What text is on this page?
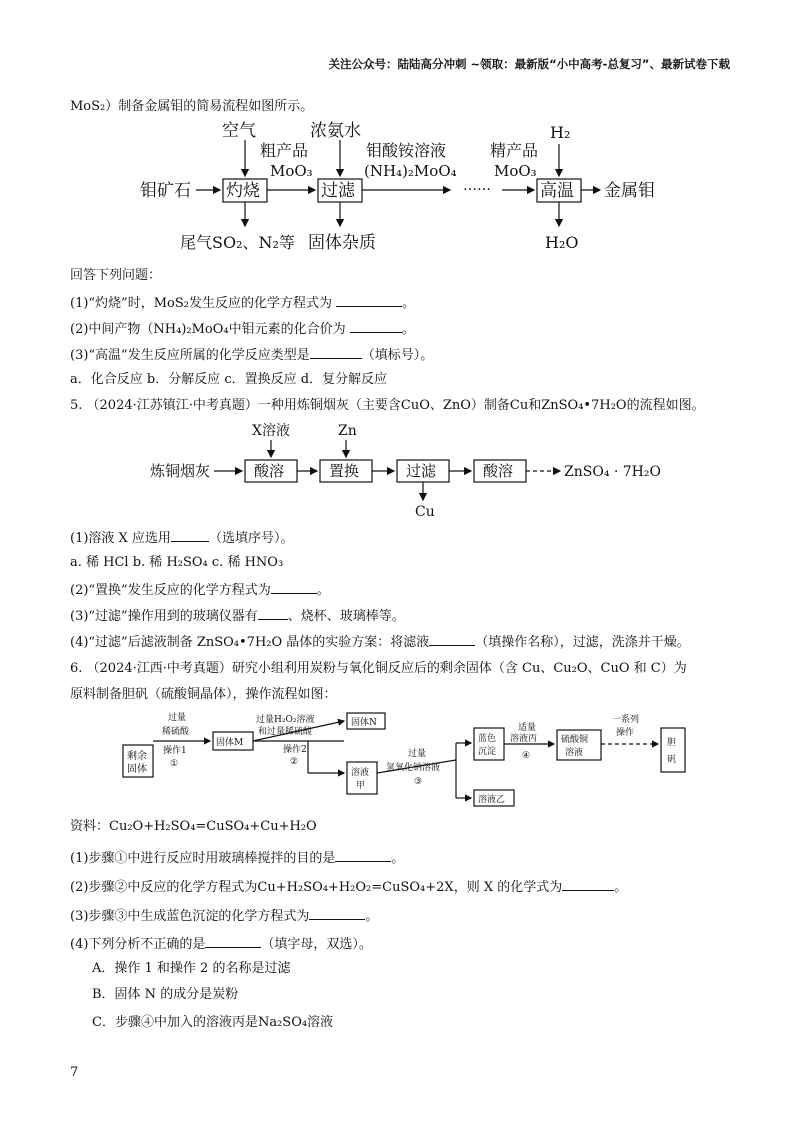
关注公众号：陆陆高分冲刺 ~领取：最新版“小中高考-总复习”、最新试卷下载
MoS₂）制备金属钼的简易流程如图所示。
钼矿石 灼烧
空气
粗产品
MoO₃
过滤
浓氨水
钼酸铵溶液
(NH₄)₂MoO₄
……
精产品
MoO₃
高温
H₂
金属钼
尾气SO₂、N₂等 固体杂质	H₂O
回答下列问题：
(1)“灼烧”时，MoS₂发生反应的化学方程式为	。
(2)中间产物（NH₄)₂MoO₄中钼元素的化合价为	。
(3)“高温”发生反应所属的化学反应类型是	（填标号）。
a．化合反应 b．分解反应 c．置换反应 d．复分解反应
5. （2024·江苏镇江·中考真题）一种用炼铜烟灰（主要含CuO、ZnO）制备Cu和ZnSO₄•7H₂O的流程如图。
炼铜烟灰	酸溶
X溶液
置换
Zn
过滤
Cu
酸溶	ZnSO₄ · 7H₂O
(1)溶液 X 应选用	（选填序号）。
a. 稀 HCl b. 稀 H₂SO₄ c. 稀 HNO₃
(2)“置换”发生反应的化学方程式为	。
(3)“过滤”操作用到的玻璃仪器有 、烧杯、玻璃棒等。
(4)“过滤”后滤液制备 ZnSO₄•7H₂O 晶体的实验方案：将滤液	（填操作名称），过滤，洗涤并干燥。
6. （2024·江西·中考真题）研究小组利用炭粉与氧化铜反应后的剩余固体（含 Cu、Cu₂O、CuO 和 C）为
原料制备胆矾（硫酸铜晶体），操作流程如图：
剩余
固体
过量
稀硫酸
操作1
①
固体M
过量H₂O₂溶液
和过量稀硫酸
操作2
②
固体N
溶液
甲
过量
氢氧化钠溶液
③
蓝色
沉淀
溶液乙
适量
溶液丙
④
硫酸铜
溶液
一系列
操作
胆
矾
资料：Cu₂O+H₂SO₄=CuSO₄+Cu+H₂O
(1)步骤①中进行反应时用玻璃棒搅拌的目的是	。
(2)步骤②中反应的化学方程式为Cu+H₂SO₄+H₂O₂=CuSO₄+2X，则 X 的化学式为	。
(3)步骤③中生成蓝色沉淀的化学方程式为	。
(4)下列分析不正确的是	（填字母，双选）。
A．操作 1 和操作 2 的名称是过滤
B．固体 N 的成分是炭粉
C．步骤④中加入的溶液丙是Na₂SO₄溶液
7
